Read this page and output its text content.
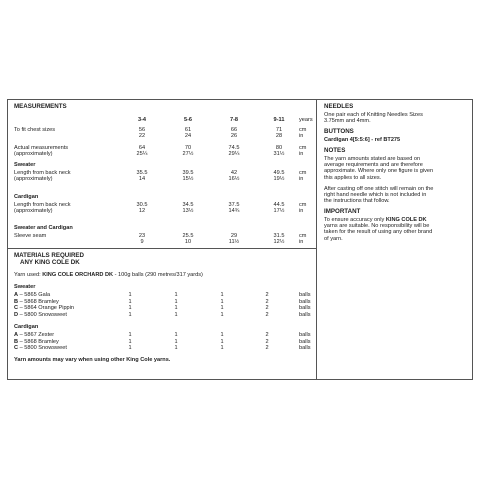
MEASUREMENTS
3-4	5-6	7-8	9-11	years
To fit chest sizes	56	61	66	71	cm
22	24	26	28	in
Actual measurements
(approximately)
64	70	74.5	80	cm
25¼	27½	29¼	31½	in
Sweater
Length from back neck
(approximately)
35.5	39.5	42	49.5	cm
14	15½	16½	19½	in
Cardigan
Length from back neck
(approximately)
30.5	34.5	37.5	44.5	cm
12	13½	14¾	17½	in
Sweater and Cardigan
Sleeve seam	23	25.5	29	31.5	cm
9	10	11½	12½	in
MATERIALS REQUIRED
ANY KING COLE DK
Yarn used: KING COLE ORCHARD DK - 100g balls (290 metres/317 yards)
Sweater
A – 5865 Gala	1	1	1	2	balls
B – 5868 Bramley	1	1	1	2	balls
C – 5864 Orange Pippin	1	1	1	2	balls
D – 5800 Snowsweet	1	1	1	2	balls
Cardigan
A – 5867 Zester	1	1	1	2	balls
B – 5868 Bramley	1	1	1	2	balls
C – 5800 Snowsweet	1	1	1	2	balls
Yarn amounts may vary when using other King Cole yarns.
NEEDLES
One pair each of Knitting Needles Sizes
3.75mm and 4mm.
BUTTONS
Cardigan 4[5:5:6] - ref BT275
NOTES
The yarn amounts stated are based on
average requirements and are therefore
approximate. Where only one figure is given
this applies to all sizes.
After casting off one stitch will remain on the
right hand needle which is not included in
the instructions that follow.
IMPORTANT
To ensure accuracy only KING COLE DK
yarns are suitable. No responsibility will be
taken for the result of using any other brand
of yarn.
